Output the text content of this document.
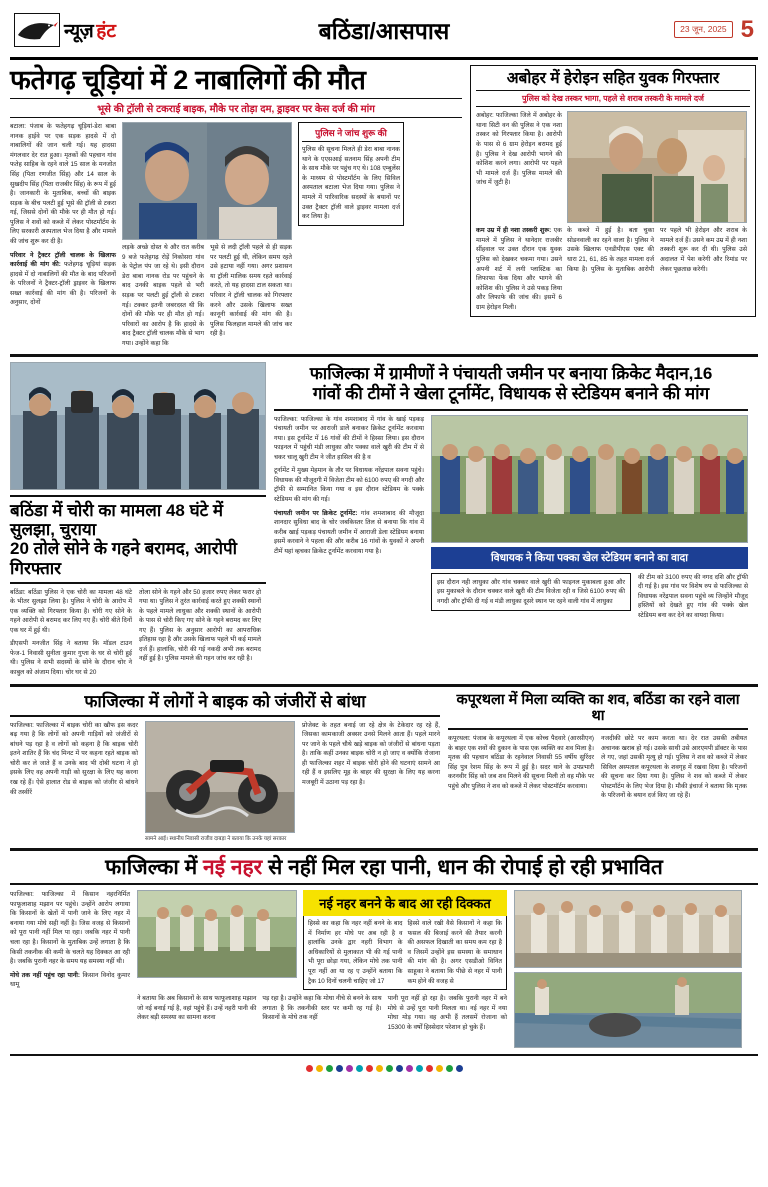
न्यूज़ हंट	बठिंडा/आसपास	23 जून, 2025 5
फतेगढ़ चूड़ियां में 2 नाबालिगों की मौत
भूसे की ट्रॉली से टकराई बाइक, मौके पर तोड़ा दम, ड्राइवर पर केस दर्ज की मांग
बटाला: पंजाब के फतेहगढ़ चूड़ियां-डेरा बाबा नानक हाईवे पर एक सड़क हादसे में दो नाबालिगों की जान चली गई। यह हादसा मंगलवार देर रात हुआ। मृतकों की पहचान गांव फतेह साहिब के रहने वाले 15 साल के मनजोत सिंह (पिता रणजीत सिंह) और 14 साल के सुखदीप सिंह (पिता राजबीर सिंह) के रूप में हुई है। जानकारी के मुताबिक, बच्चों की बाइक सड़क के बीच पलटी हुई भूसे की ट्रॉली से टकरा गई, जिससे दोनों की मौके पर ही मौत हो गई। पुलिस ने शवों को कब्जे में लेकर पोस्टमॉर्टम के लिए सरकारी अस्पताल भेज दिया है और मामले की जांच शुरू कर दी है।
परिवार ने ट्रैक्टर ट्रॉली चालक के खिलाफ कार्रवाई की मांग की: फतेहगढ़ चूड़ियां सड़क हादसे में दो नाबालिगों की मौत के बाद परिजनों के परिजनों ने ट्रैक्टर-ट्रॉली ड्राइवर के खिलाफ सख्त कार्रवाई की मांग की है। परिजनों के अनुसार, दोनों
लड़के अच्छे दोस्त थे और रात करीब 9 बजे फतेहगढ़ रोड़ें निकोसरा गांव के पेट्रोल पंप जा रहे थे। इसी दौरान डेरा बाबा नानक रोड पर पहुंचने के बाद उनकी बाइक पहले से भरी सड़क पर पलटी हुई ट्रॉली से टकरा गई। टक्कर इतनी जबरदस्त थी कि दोनों की मौके पर ही मौत हो गई। परिवारों का आरोप है कि हादसे के बाद ट्रैक्टर ट्रॉली चालक मौके से भाग गया। उन्होंने कहा कि
भूसे से लदी ट्रॉली पहले से ही सड़क पर पलटी हुई थी, लेकिन समय रहते उसे हटाया नहीं गया। अगर प्रशासन या ट्रॉली मालिक समय रहते कार्रवाई करते, तो यह हादसा टाल सकता था। परिवार ने ट्रॉली चालक को गिरफ्तार करने और उसके खिलाफ सख्त कानूनी कार्रवाई की मांग की है। पुलिस फिलहाल मामले की जांच कर रही है।
पुलिस ने जांच शुरू की
पुलिस की सूचना मिलते ही डेरा बाबा नानक थाने के एएसआई सतनाम सिंह अपनी टीम के साथ मौके पर पहुंच गए थे। 108 एम्बुलेंस के माध्यम से पोस्टमॉर्टम के लिए सिविल अस्पताल बटाला भेज दिया गया। पुलिस ने मामले में पारिवारिक सदस्यों के बयानों पर उक्त ट्रैक्टर ट्रॉली वाले ड्राइवर मामला दर्ज कर लिया है।
अबोहर में हेरोइन सहित युवक गिरफ्तार
पुलिस को देख तस्कर भागा, पहले से शराब तस्करी के मामले दर्ज
अबोहर: फाजिल्का जिले में अबोहर के थाना सिटी वन की पुलिस ने एक नशा तस्कर को गिरफ्तार किया है। आरोपी के पास से 6 ग्राम हेरोइन बरामद हुई है। पुलिस ने देख आरोपी भागने की कोशिश करने लगा। आरोपी पर पहले भी मामले दर्ज हैं। पुलिस मामले की जांच में जुटी है।
कम उम्र में ही नशा तस्करी शुरू: एक मामले में पुलिस ने थानेदार राजबीर सींहवाल पर उक्त दौरान एक युवक पुलिस को देखकर चकमा गया। उसने अपनी शर्ट में लगी प्लास्टिक का लिफाफा फेंक दिया और भागने की कोशिश की। पुलिस ने उसे पकड़ लिया और लिफाफे की जांच की। इसमें 6 ग्राम हेरोइन मिली।
के कब्जे में हुई है। बता चुका सोडनवाली का रहने वाला है। पुलिस ने उसके खिलाफ एनडीपीएस एक्ट की धारा 21, 61, 85 के तहत मामला दर्ज किया है। पुलिस के मुताबिक आरोपी पर पहले भी हेरोइन और शराब के मामले दर्ज हैं। उसने कम उम्र में ही नशा तस्करी शुरू कर दी थी। पुलिस उसे अदालत में पेश करेगी और रिमांड पर लेकर पूछताछ करेगी।
बठिंडा में चोरी का मामला 48 घंटे में सुलझा, चुराया
20 तोले सोने के गहने बरामद, आरोपी गिरफ्तार
बठिंडा: बठिंडा पुलिस ने एक चोरी का मामला 48 घंटे के भीतर सुलझा लिया है। पुलिस ने चोरी के आरोप में एक व्यक्ति को गिरफ्तार किया है। चोरी गए सोने के गहने आरोपी से बरामद कर लिए गए हैं। चोरी बीते दिनों एक घर में हुई थी।
डीएसपी मनजीत सिंह ने बताया कि मॉडल टाउन फेज-1 निवासी सुनीता कुमार गुप्ता के घर से चोरी हुई थी। पुलिस ने सभी सदस्यों के सोने के दौरान चोर ने काबुल को अंजाम दिया। चोर घर से 20
तोला सोने के गहने और 50 हजार रुपए लेकर फरार हो गया था। पुलिस ने तुरंत कार्रवाई करते हुए शक्की स्थानों के पहले मामले लाधुका और शक्की स्थानों के आरोपी के पास से चोरी किए गए सोने के गहने बरामद कर लिए गए हैं। पुलिस के अनुसार आरोपी का आपराधिक इतिहास रहा है और उसके खिलाफ पहले भी कई मामले दर्ज हैं। हालांकि, चोरी की गई नकदी अभी तक बरामद नहीं हुई है। पुलिस मामले की गहन जांच कर रही है।
फाजिल्का में ग्रामीणों ने पंचायती जमीन पर बनाया क्रिकेट मैदान,16
गांवों की टीमों ने खेला टूर्नामेंट, विधायक से स्टेडियम बनाने की मांग
फाजिल्का: फाजिल्का के गांव शमशाबाद में गांव के खाई पड़कड़ पंचायती जमीन पर आराजी डालेे बनाकर क्रिकेट टूर्नामेंट करवाया गया। इस टूर्नामेंट में 16 गांवों की टीमों ने हिस्सा लिया। इस दौरान फाइनल में पहुंची मंडी लाधुका और पक्का वाले खुरी की टीम में से चकर चालू खुरी टीम ने जीत हासिल की है व
टूर्नामेंट में मुख्य मेहमान के तौर पर विधायक नरेंद्रपाल सवना पहुंचे। विधायक की मौजूदगी में विजेता टीम को 6100 रुपए की नगदी और ट्रॉफी से सम्मानित किया गया व इस दौरान स्टेडियम के पक्के स्टेडियम की मांग की गई।
पंचायती जमीन पर क्रिकेट टूर्नामेंट: गांव शमशाबाद की मौजूदा शानदार सुविधा बाद के चोर जबकिस्तर तिल से बनाया कि गांव में करीब खाई पड़कड़ पंचायती जमीन में आराजी डेला स्टेडियम बनाया इसमें करवाने ने पहला की और करीब 16 गांवों के युवकों ने अपनी टीमें यहां व्हचका क्रिकेट टूर्नामेंट करवाया गया है।
विधायक ने किया पक्का खेल स्टेडियम बनाने का वादा
इस दौरान नही लाधुका और गांव चक्कर वाले खुरी की फाइनल मुकाबला हुआ और इस मुकाबले के दौरान चक्कर वाले खुरी की टीम विजेता रही व जिसे 6100 रुपए की नगदी और ट्रॉफी दी गई व मंडी लाधुका दूसरे स्थान पर रहने वाली गांव में लाधुका
की टीम को 3100 रुपए की नगद दशि और ट्रॉफी दी गई है। इस गांव पर विशेष रुप से फाजिल्का से विधायक नरेंद्रपाल सवना पहुंचे व्य जिन्होंने मौजूद हस्तियों को देखते हुए गांव की पक्के खेल स्टेडियम बना कर देने का वायदा किया।
फाजिल्का में लोगों ने बाइक को जंजीरों से बांधा
फाजिल्का: फाजिल्का में बाइक चोरी का खौफ इस कदर बढ़ गया है कि लोगों को अपनी गाड़ियों को जंजीरों से बांधने पड़ रहा है व लोगों को कहना है कि बाइक चोरी इतने शातिर हैं कि चंद मिनट में पर कहना रहते बाइक को चोरी कर ले जाते हैं व उनके बाद भी दोबी घटना ने हो इसके लिए वह अपनी गाड़ी को सुरक्षा के लिए यह करना रख रहे हैं। ऐसे हालात रोड से बाइक को जंजीर से बांधने की तस्वीरें
सामने आई। स्थानीय निवासी राजीव दाबड़ा ने बताया कि उनके यहां सरकार
प्रोजेक्ट के तहत बनाई जा रहे क्षेत्र के टेकेदार रह रहे हैं, जिसका कामकाजी अक्सर उनसे मिलने आता हैं। पहले मारने पर जाने के पहले चौथे खड़े बाइक को जंजीरों से बांधना पड़ता है। ताकि कहीं उनका बाइक चोरी न हो जाए व क्योंकि रोजाना ही फाजिल्का शहर में बाइक चोरी होने की घटनाएं सामने आ रही हैं व इसलिए मूह के बाहर की सुरक्षा के लिए यह करना मजबूरी में उठाना पड़ रहा है।
कपूरथला में मिला व्यक्ति का शव, बठिंडा का रहने वाला था
कपूरथला: पंजाब के कपूरथला में एक कोच्च पैदवारे (आरसीएन) के बाहर एक शवों की दुकान के पास एक व्यक्ति का शव मिला है। मृतक की पहचान बठिंडा के रहनेवाल निवासी 55 वर्षीय सुरिंदर सिंह पुत्र रेशम सिंह के रूप में हुई है। सदर थाने के उपप्रभारी करनवीर सिंह को जब शव मिलने की सूचना मिली तो वह मौके पर पहुंचे और पुलिस ने शव को कब्जे में लेकर पोस्टमॉर्टम करवाया।
नजदीकी छोटे पर काम करता था। देर रात उसकी तबीयत अचानक खराब हो गई। उसके साथी उसे आरएमपी डॉक्टर के पास ले गए, जहां उसकी मृत्यु हो गई। पुलिस ने शव को कब्जे में लेकर सिविल अस्पताल कपूरथला के शवगृह में रखवा दिया है। परिजनों की सूचना कर दिया गया है। पुलिस ने शव को कब्जे में लेकर पोस्टमॉर्टम के लिए भेज दिया है। मौकी इंचार्ज ने बताया कि मृतक के परिजनों के बयान दर्ज किए जा रहे हैं।
फाजिल्का में नई नहर से नहीं मिल रहा पानी, धान की रोपाई हो रही प्रभावित
फाजिल्का: फाजिल्का में किसान नहरनिर्मित फाफूलाशाह मझान पर पहुंचे। उन्होंने आरोप लगाया कि किसानों के खेतों में पानी जाने के लिए नहर में बनाया गया मोघे सही नहीं है। जिस वजह से किसानों को पूरा पानी नहीं मिल पा रहा। जबकि नहर में पानी चला रहा है। किसानों के मुताबिक उन्हें लगाता है कि किसी तकनीक की कमी के चलते यह दिक्कत आ रही है। जबकि पुरानी नहर के समय यह समस्या नहीं थी।
मोघे तक नहीं पहुंच रहा पानी: किसान विनोद कुमार धामू
नई नहर बनने के बाद आ रही दिक्कत
हिस्से का कहा कि नहर नहीं बनने के बाद में निर्माण हर मोघे पर अब रही है व हालांकि उनके द्वार नहरी विभाग के अधिकारियों से मुलाकात भी की गई पानी भी पूरा छोड़ा गया, लेकिन मोघे तक पानी पूरा नहीं आ या रह ए उन्होंने बताया कि ट्रैक 10 दिनों चलनी चाहिए जो 17
हिस्से वाले रखी वैसे किसानों ने कहा कि फसल की बिजाई करने की तैयार करनी की असफल दिखाती का समय कम रहा है व जिसमें उन्होंने इस समस्या के समाधान की मांग की है। अगर एसडीओ विनित साहूका ने बताया कि पीछे से नहर में पानी कम होने की वजह से
ने बताया कि अब किसानों के साथ फाफूलाशाह मझान जो नई बनाई गई है, वहां पहुंचे हैं। उन्हें नहरी पानी की लेकर बड़ी समस्या का सामना करना
पड़ रहा है। उन्होंने कहा कि मोघा नीचे से बनने के साथ लगाता है कि तकनीकी स्तर पर कमी रह गई है। किसानों के मोघे तक नहीं
पानी पूरा नहीं हो रहा है। जबकि पुरानी नहर में बने मोघे से उन्हें पूरा पानी मिलता था। नई नहर में नया मोघा मोड़ गया। वह अभी हैं तलसमें रोजाना को 15300 के वर्षों हिस्सेदार परेशान हो चुके हैं।
